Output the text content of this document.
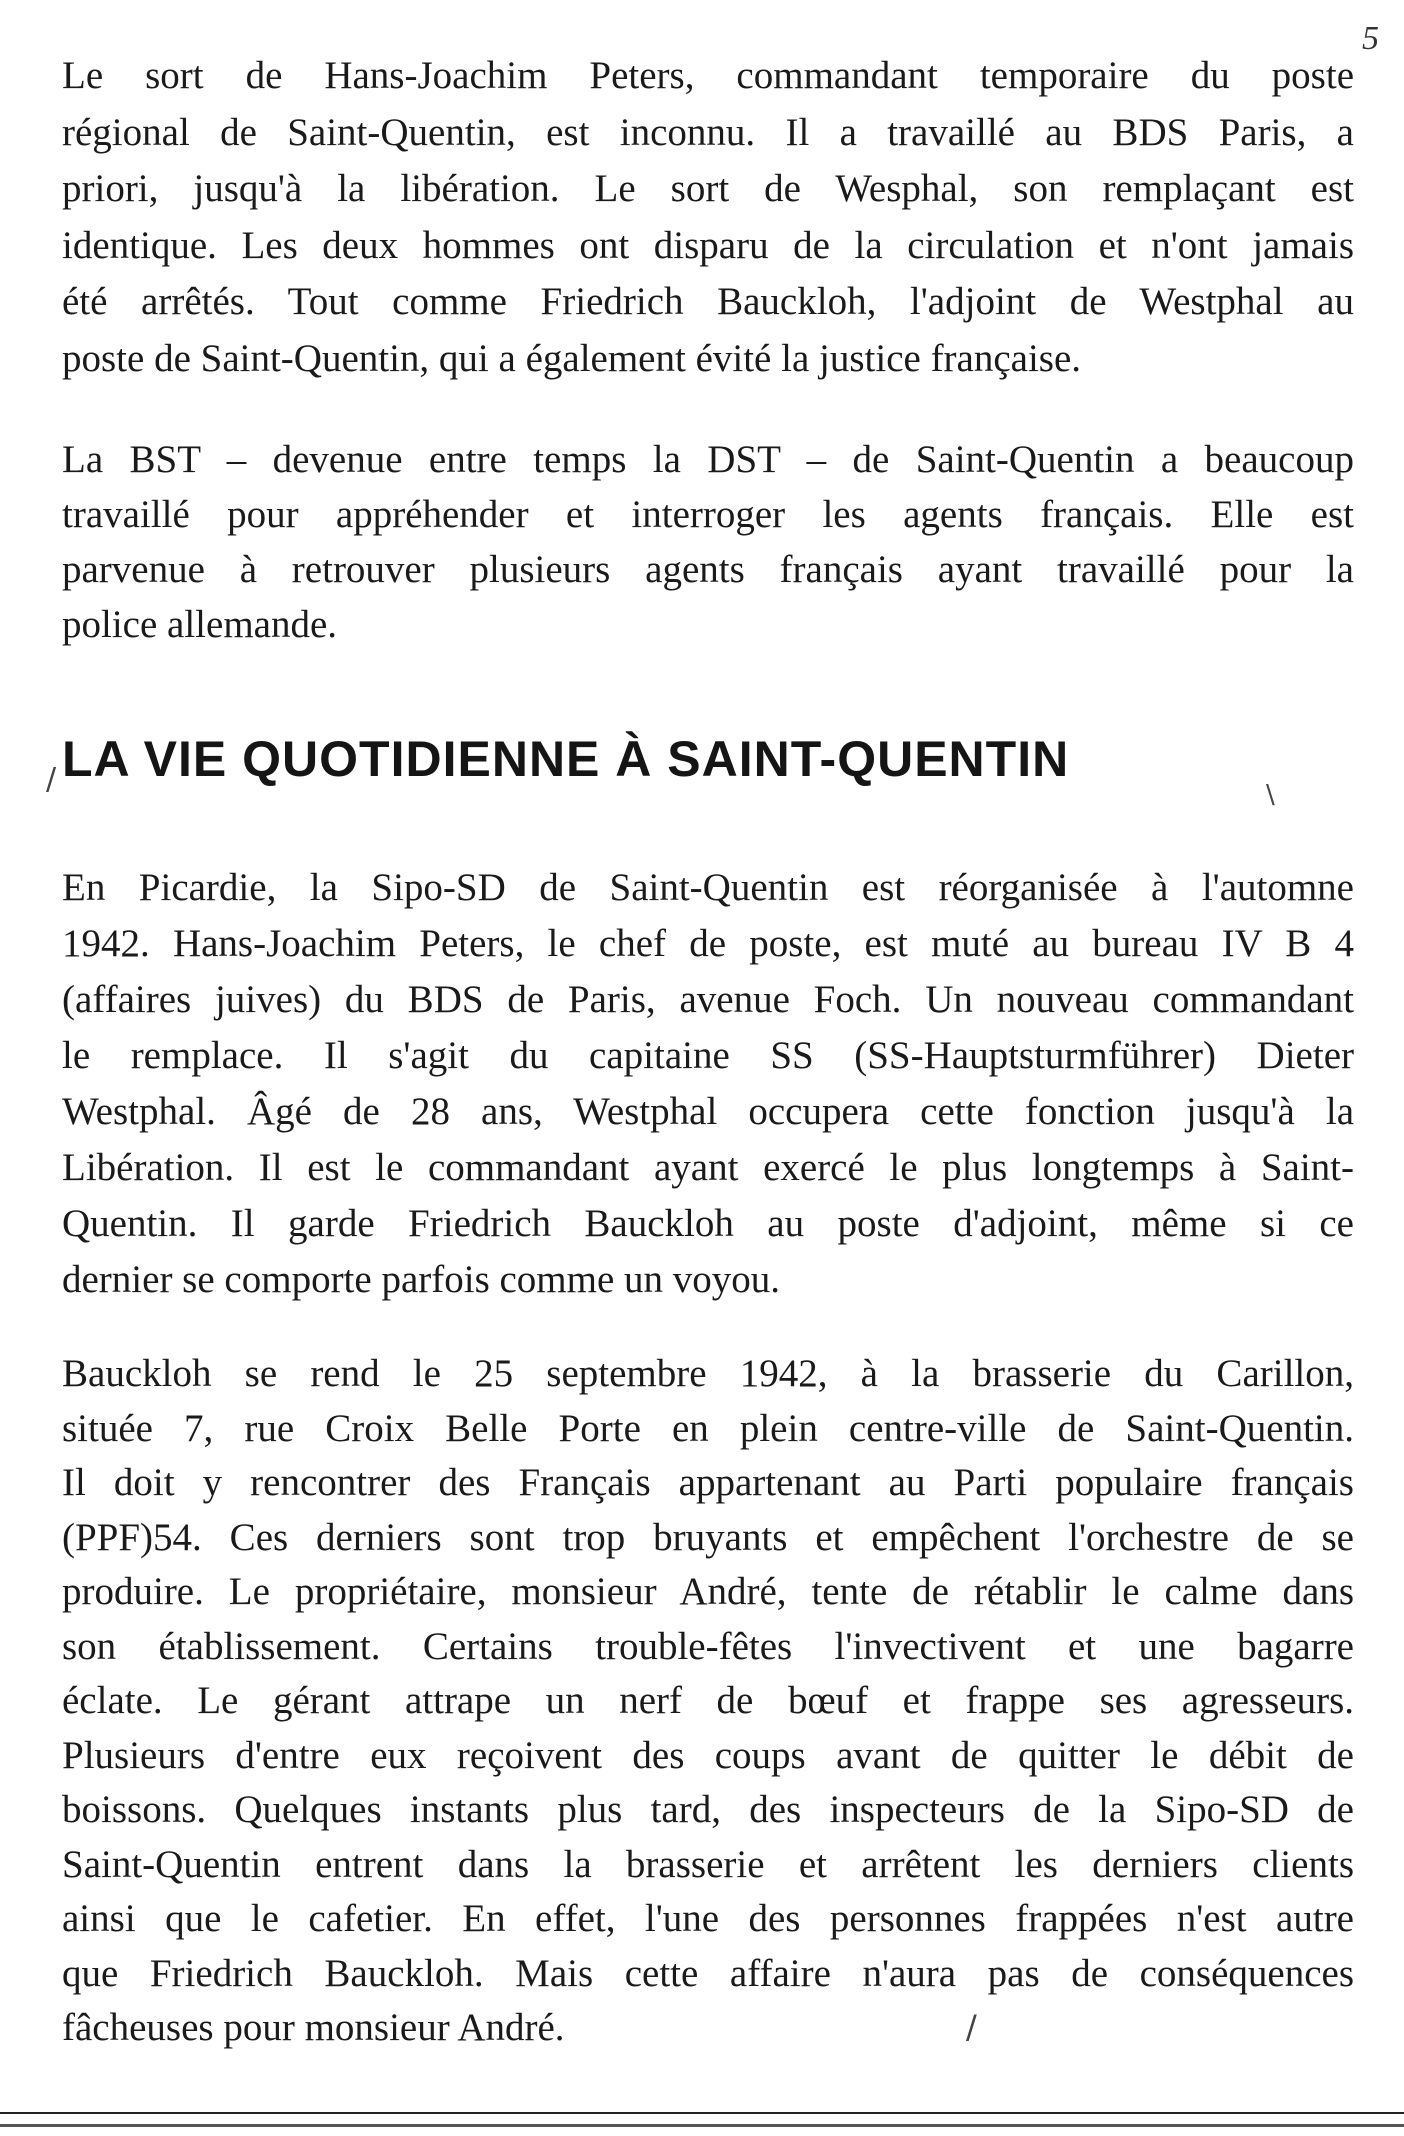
5
Le sort de Hans-Joachim Peters, commandant temporaire du poste
régional de Saint-Quentin, est inconnu. Il a travaillé au BDS Paris, a
priori, jusqu'à la libération. Le sort de Wesphal, son remplaçant est
identique. Les deux hommes ont disparu de la circulation et n'ont jamais
été arrêtés. Tout comme Friedrich Bauckloh, l'adjoint de Westphal au
poste de Saint-Quentin, qui a également évité la justice française.
La BST – devenue entre temps la DST – de Saint-Quentin a beaucoup
travaillé pour appréhender et interroger les agents français. Elle est
parvenue à retrouver plusieurs agents français ayant travaillé pour la
police allemande.
LA VIE QUOTIDIENNE À SAINT-QUENTIN
En Picardie, la Sipo-SD de Saint-Quentin est réorganisée à l'automne
1942. Hans-Joachim Peters, le chef de poste, est muté au bureau IV B 4
(affaires juives) du BDS de Paris, avenue Foch. Un nouveau commandant
le remplace. Il s'agit du capitaine SS (SS-Hauptsturmführer) Dieter
Westphal. Âgé de 28 ans, Westphal occupera cette fonction jusqu'à la
Libération. Il est le commandant ayant exercé le plus longtemps à Saint-
Quentin. Il garde Friedrich Bauckloh au poste d'adjoint, même si ce
dernier se comporte parfois comme un voyou.
Bauckloh se rend le 25 septembre 1942, à la brasserie du Carillon,
située 7, rue Croix Belle Porte en plein centre-ville de Saint-Quentin.
Il doit y rencontrer des Français appartenant au Parti populaire français
(PPF)54. Ces derniers sont trop bruyants et empêchent l'orchestre de se
produire. Le propriétaire, monsieur André, tente de rétablir le calme dans
son établissement. Certains trouble-fêtes l'invectivent et une bagarre
éclate. Le gérant attrape un nerf de bœuf et frappe ses agresseurs.
Plusieurs d'entre eux reçoivent des coups avant de quitter le débit de
boissons. Quelques instants plus tard, des inspecteurs de la Sipo-SD de
Saint-Quentin entrent dans la brasserie et arrêtent les derniers clients
ainsi que le cafetier. En effet, l'une des personnes frappées n'est autre
que Friedrich Bauckloh. Mais cette affaire n'aura pas de conséquences
fâcheuses pour monsieur André.
/	\
/
